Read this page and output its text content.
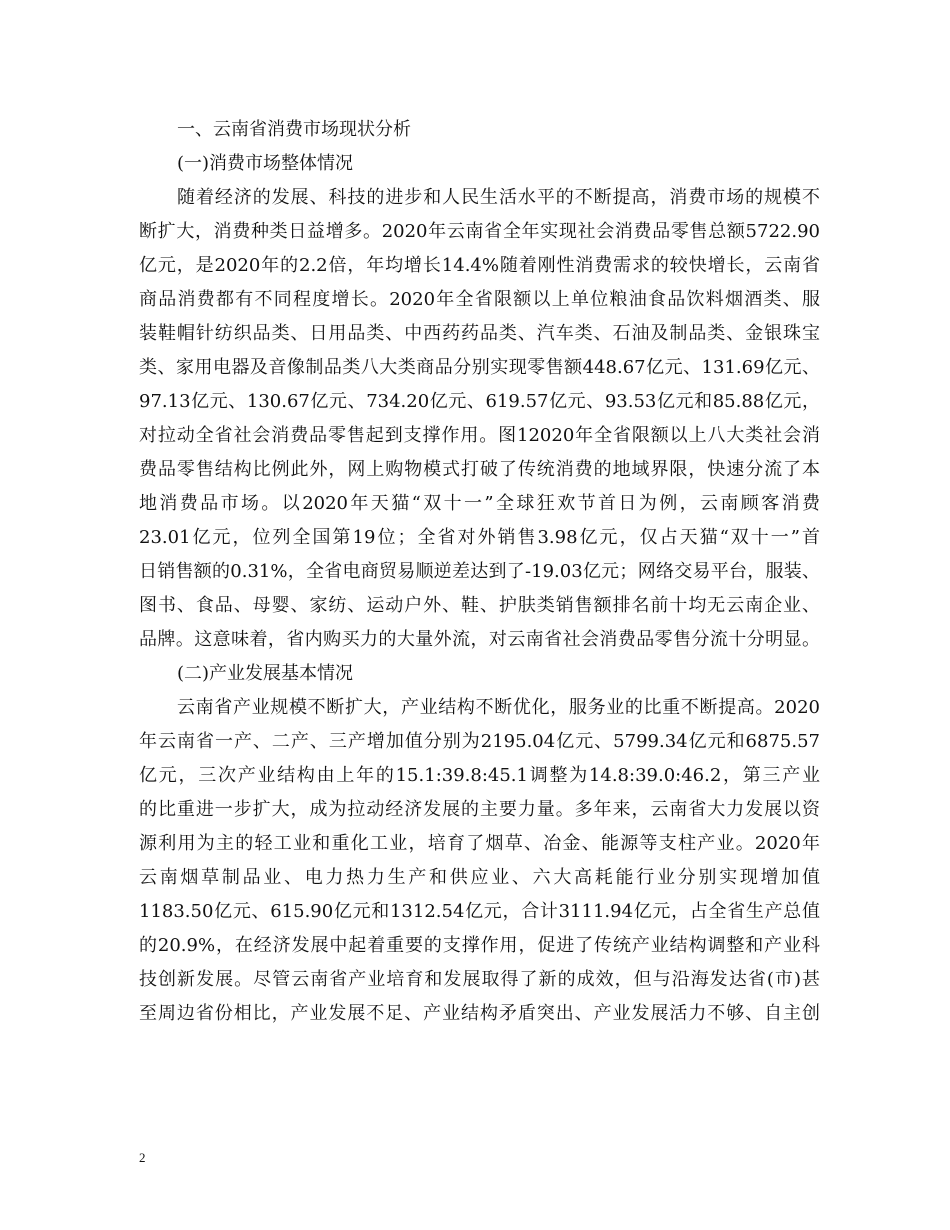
一、云南省消费市场现状分析
(一)消费市场整体情况
随着经济的发展、科技的进步和人民生活水平的不断提高，消费市场的规模不
断扩大，消费种类日益增多。2020年云南省全年实现社会消费品零售总额5722.90
亿元，是2020年的2.2倍，年均增长14.4%随着刚性消费需求的较快增长，云南省
商品消费都有不同程度增长。2020年全省限额以上单位粮油食品饮料烟酒类、服
装鞋帽针纺织品类、日用品类、中西药药品类、汽车类、石油及制品类、金银珠宝
类、家用电器及音像制品类八大类商品分别实现零售额448.67亿元、131.69亿元、
97.13亿元、130.67亿元、734.20亿元、619.57亿元、93.53亿元和85.88亿元，
对拉动全省社会消费品零售起到支撑作用。图12020年全省限额以上八大类社会消
费品零售结构比例此外，网上购物模式打破了传统消费的地域界限，快速分流了本
地消费品市场。以2020年天猫“双十一”全球狂欢节首日为例，云南顾客消费
23.01亿元，位列全国第19位；全省对外销售3.98亿元，仅占天猫“双十一”首
日销售额的0.31%，全省电商贸易顺逆差达到了-19.03亿元；网络交易平台，服装、
图书、食品、母婴、家纺、运动户外、鞋、护肤类销售额排名前十均无云南企业、
品牌。这意味着，省内购买力的大量外流，对云南省社会消费品零售分流十分明显。
(二)产业发展基本情况
云南省产业规模不断扩大，产业结构不断优化，服务业的比重不断提高。2020
年云南省一产、二产、三产增加值分别为2195.04亿元、5799.34亿元和6875.57
亿元，三次产业结构由上年的15.1:39.8:45.1调整为14.8:39.0:46.2，第三产业
的比重进一步扩大，成为拉动经济发展的主要力量。多年来，云南省大力发展以资
源利用为主的轻工业和重化工业，培育了烟草、冶金、能源等支柱产业。2020年
云南烟草制品业、电力热力生产和供应业、六大高耗能行业分别实现增加值
1183.50亿元、615.90亿元和1312.54亿元，合计3111.94亿元，占全省生产总值
的20.9%，在经济发展中起着重要的支撑作用，促进了传统产业结构调整和产业科
技创新发展。尽管云南省产业培育和发展取得了新的成效，但与沿海发达省(市)甚
至周边省份相比，产业发展不足、产业结构矛盾突出、产业发展活力不够、自主创
2
